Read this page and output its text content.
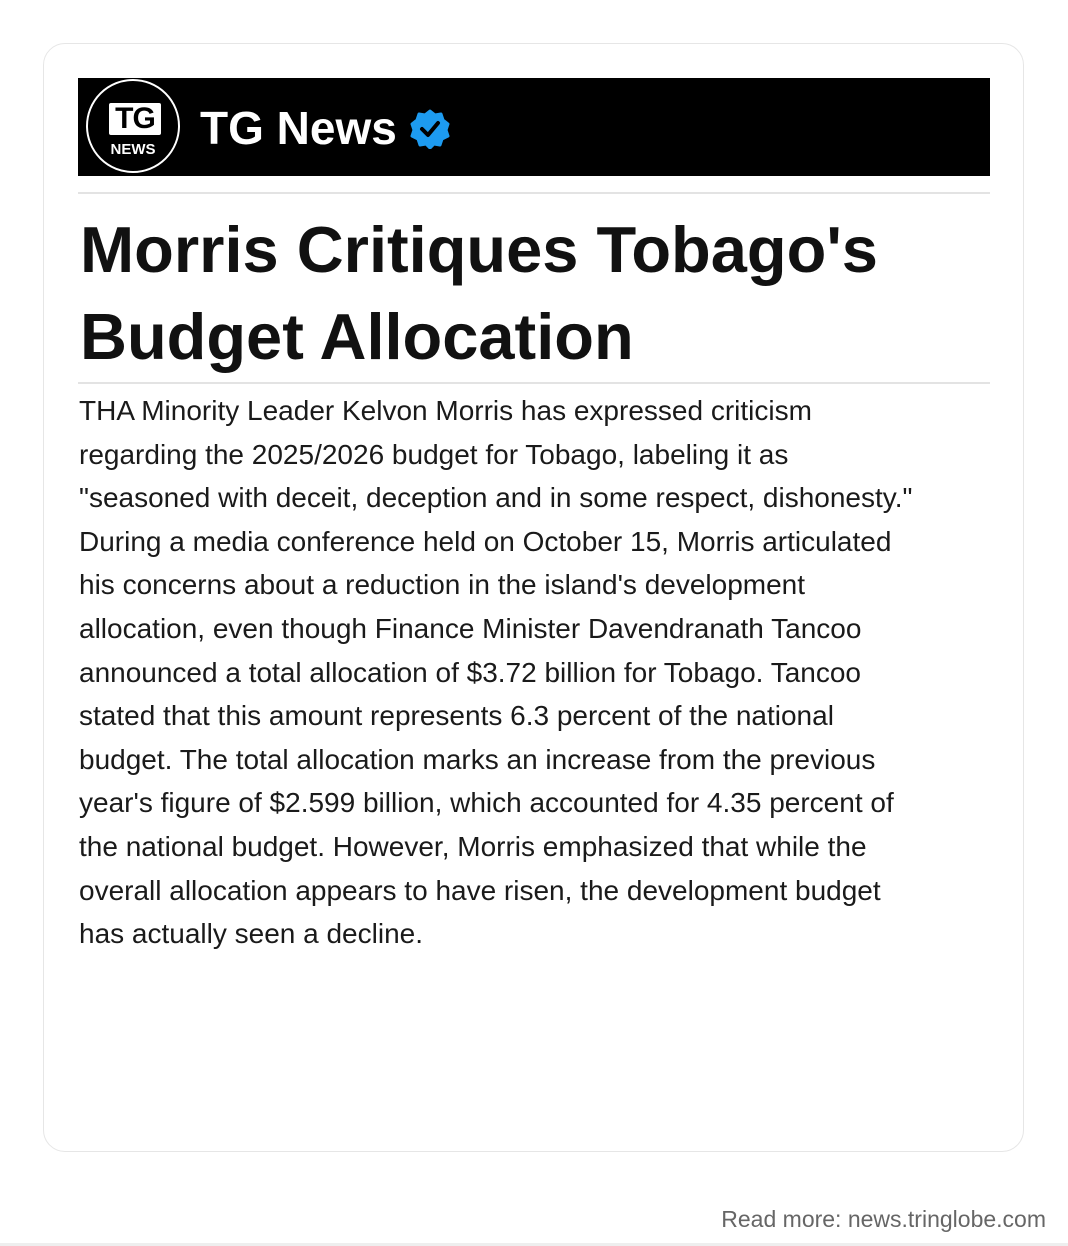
TG
NEWS TG News
Morris Critiques Tobago's
Budget Allocation
THA Minority Leader Kelvon Morris has expressed criticism
regarding the 2025/2026 budget for Tobago, labeling it as
"seasoned with deceit, deception and in some respect, dishonesty."
During a media conference held on October 15, Morris articulated
his concerns about a reduction in the island's development
allocation, even though Finance Minister Davendranath Tancoo
announced a total allocation of $3.72 billion for Tobago. Tancoo
stated that this amount represents 6.3 percent of the national
budget. The total allocation marks an increase from the previous
year's figure of $2.599 billion, which accounted for 4.35 percent of
the national budget. However, Morris emphasized that while the
overall allocation appears to have risen, the development budget
has actually seen a decline.
Read more: news.tringlobe.com
